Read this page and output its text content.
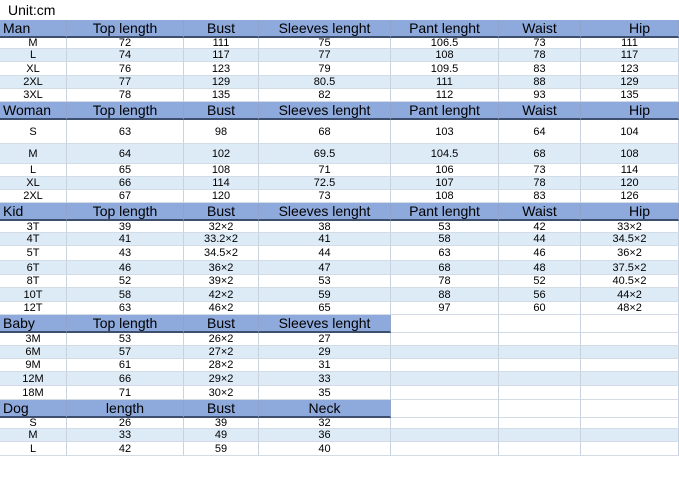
Unit:cm
Man	Top length	Bust	Sleeves lenght	Pant lenght	Waist	Hip
M	72	111	75	106.5	73	111
L	74	117	77	108	78	117
XL	76	123	79	109.5	83	123
2XL	77	129	80.5	111	88	129
3XL	78	135	82	112	93	135
Woman	Top length	Bust	Sleeves lenght	Pant lenght	Waist	Hip
S	63	98	68	103	64	104
M	64	102	69.5	104.5	68	108
L	65	108	71	106	73	114
XL	66	114	72.5	107	78	120
2XL	67	120	73	108	83	126
Kid	Top length	Bust	Sleeves lenght	Pant lenght	Waist	Hip
3T	39	32×2	38	53	42	33×2
4T	41	33.2×2	41	58	44	34.5×2
5T	43	34.5×2	44	63	46	36×2
6T	46	36×2	47	68	48	37.5×2
8T	52	39×2	53	78	52	40.5×2
10T	58	42×2	59	88	56	44×2
12T	63	46×2	65	97	60	48×2
Baby	Top length	Bust	Sleeves lenght
3M	53	26×2	27
6M	57	27×2	29
9M	61	28×2	31
12M	66	29×2	33
18M	71	30×2	35
Dog	length	Bust	Neck
S	26	39	32
M	33	49	36
L	42	59	40
